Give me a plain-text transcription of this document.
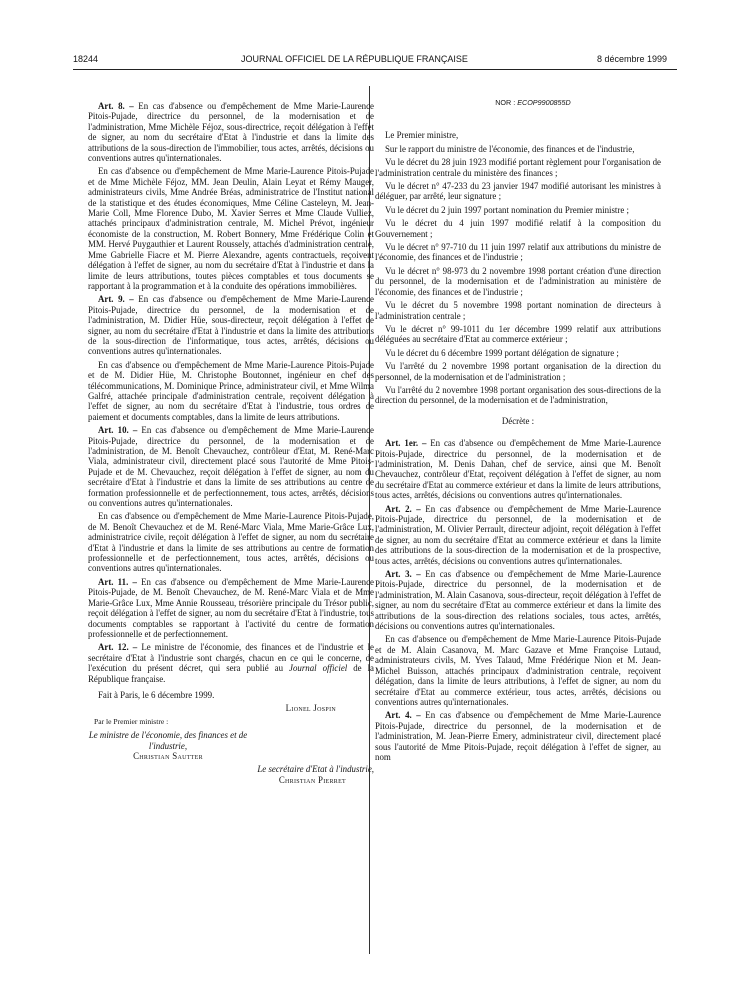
18244	JOURNAL OFFICIEL DE LA RÉPUBLIQUE FRANÇAISE	8 décembre 1999

Art. 8. – En cas d'absence ou d'empêchement de Mme Marie-Laurence Pitois-Pujade, directrice du personnel, de la modernisation et de l'administration, Mme Michèle Féjoz, sous-directrice, reçoit délégation à l'effet de signer, au nom du secrétaire d'Etat à l'industrie et dans la limite des attributions de la sous-direction de l'immobilier, tous actes, arrêtés, décisions ou conventions autres qu'internationales.

En cas d'absence ou d'empêchement de Mme Marie-Laurence Pitois-Pujade et de Mme Michèle Féjoz, MM. Jean Deulin, Alain Leyat et Rémy Mauger, administrateurs civils, Mme Andrée Bréas, administratrice de l'Institut national de la statistique et des études économiques, Mme Céline Casteleyn, M. Jean-Marie Coll, Mme Florence Dubo, M. Xavier Serres et Mme Claude Vulliez, attachés principaux d'administration centrale, M. Michel Prévot, ingénieur économiste de la construction, M. Robert Bonnery, Mme Frédérique Colin et MM. Hervé Puygauthier et Laurent Roussely, attachés d'administration centrale, Mme Gabrielle Fiacre et M. Pierre Alexandre, agents contractuels, reçoivent délégation à l'effet de signer, au nom du secrétaire d'Etat à l'industrie et dans la limite de leurs attributions, toutes pièces comptables et tous documents se rapportant à la programmation et à la conduite des opérations immobilières.

Art. 9. – En cas d'absence ou d'empêchement de Mme Marie-Laurence Pitois-Pujade, directrice du personnel, de la modernisation et de l'administration, M. Didier Hüe, sous-directeur, reçoit délégation à l'effet de signer, au nom du secrétaire d'Etat à l'industrie et dans la limite des attributions de la sous-direction de l'informatique, tous actes, arrêtés, décisions ou conventions autres qu'internationales.

En cas d'absence ou d'empêchement de Mme Marie-Laurence Pitois-Pujade et de M. Didier Hüe, M. Christophe Boutonnet, ingénieur en chef des télécommunications, M. Dominique Prince, administrateur civil, et Mme Wilma Galfré, attachée principale d'administration centrale, reçoivent délégation à l'effet de signer, au nom du secrétaire d'Etat à l'industrie, tous ordres de paiement et documents comptables, dans la limite de leurs attributions.

Art. 10. – En cas d'absence ou d'empêchement de Mme Marie-Laurence Pitois-Pujade, directrice du personnel, de la modernisation et de l'administration, de M. Benoît Chevauchez, contrôleur d'Etat, M. René-Marc Viala, administrateur civil, directement placé sous l'autorité de Mme Pitois-Pujade et de M. Chevauchez, reçoit délégation à l'effet de signer, au nom du secrétaire d'Etat à l'industrie et dans la limite de ses attributions au centre de formation professionnelle et de perfectionnement, tous actes, arrêtés, décisions ou conventions autres qu'internationales.

En cas d'absence ou d'empêchement de Mme Marie-Laurence Pitois-Pujade, de M. Benoît Chevauchez et de M. René-Marc Viala, Mme Marie-Grâce Lux, administratrice civile, reçoit délégation à l'effet de signer, au nom du secrétaire d'Etat à l'industrie et dans la limite de ses attributions au centre de formation professionnelle et de perfectionnement, tous actes, arrêtés, décisions ou conventions autres qu'internationales.

Art. 11. – En cas d'absence ou d'empêchement de Mme Marie-Laurence Pitois-Pujade, de M. Benoît Chevauchez, de M. René-Marc Viala et de Mme Marie-Grâce Lux, Mme Annie Rousseau, trésorière principale du Trésor public, reçoit délégation à l'effet de signer, au nom du secrétaire d'Etat à l'industrie, tous documents comptables se rapportant à l'activité du centre de formation professionnelle et de perfectionnement.

Art. 12. – Le ministre de l'économie, des finances et de l'industrie et le secrétaire d'Etat à l'industrie sont chargés, chacun en ce qui le concerne, de l'exécution du présent décret, qui sera publié au Journal officiel de la République française.

Fait à Paris, le 6 décembre 1999.

Lionel Jospin

Par le Premier ministre :

Le ministre de l'économie, des finances et de l'industrie,

Christian Sautter

Le secrétaire d'Etat à l'industrie,

Christian Pierret

NOR : ECOP9900855D

Le Premier ministre,

Sur le rapport du ministre de l'économie, des finances et de l'industrie,

Vu le décret du 28 juin 1923 modifié portant règlement pour l'organisation de l'administration centrale du ministère des finances ;

Vu le décret n° 47-233 du 23 janvier 1947 modifié autorisant les ministres à déléguer, par arrêté, leur signature ;

Vu le décret du 2 juin 1997 portant nomination du Premier ministre ;

Vu le décret du 4 juin 1997 modifié relatif à la composition du Gouvernement ;

Vu le décret n° 97-710 du 11 juin 1997 relatif aux attributions du ministre de l'économie, des finances et de l'industrie ;

Vu le décret n° 98-973 du 2 novembre 1998 portant création d'une direction du personnel, de la modernisation et de l'administration au ministère de l'économie, des finances et de l'industrie ;

Vu le décret du 5 novembre 1998 portant nomination de directeurs à l'administration centrale ;

Vu le décret n° 99-1011 du 1er décembre 1999 relatif aux attributions déléguées au secrétaire d'Etat au commerce extérieur ;

Vu le décret du 6 décembre 1999 portant délégation de signature ;

Vu l'arrêté du 2 novembre 1998 portant organisation de la direction du personnel, de la modernisation et de l'administration ;

Vu l'arrêté du 2 novembre 1998 portant organisation des sous-directions de la direction du personnel, de la modernisation et de l'administration,

Décrète :

Art. 1er. – En cas d'absence ou d'empêchement de Mme Marie-Laurence Pitois-Pujade, directrice du personnel, de la modernisation et de l'administration, M. Denis Dahan, chef de service, ainsi que M. Benoît Chevauchez, contrôleur d'Etat, reçoivent délégation à l'effet de signer, au nom du secrétaire d'Etat au commerce extérieur et dans la limite de leurs attributions, tous actes, arrêtés, décisions ou conventions autres qu'internationales.

Art. 2. – En cas d'absence ou d'empêchement de Mme Marie-Laurence Pitois-Pujade, directrice du personnel, de la modernisation et de l'administration, M. Olivier Perrault, directeur adjoint, reçoit délégation à l'effet de signer, au nom du secrétaire d'Etat au commerce extérieur et dans la limite des attributions de la sous-direction de la modernisation et de la prospective, tous actes, arrêtés, décisions ou conventions autres qu'internationales.

Art. 3. – En cas d'absence ou d'empêchement de Mme Marie-Laurence Pitois-Pujade, directrice du personnel, de la modernisation et de l'administration, M. Alain Casanova, sous-directeur, reçoit délégation à l'effet de signer, au nom du secrétaire d'Etat au commerce extérieur et dans la limite des attributions de la sous-direction des relations sociales, tous actes, arrêtés, décisions ou conventions autres qu'internationales.

En cas d'absence ou d'empêchement de Mme Marie-Laurence Pitois-Pujade et de M. Alain Casanova, M. Marc Gazave et Mme Françoise Lutaud, administrateurs civils, M. Yves Talaud, Mme Frédérique Nion et M. Jean-Michel Buisson, attachés principaux d'administration centrale, reçoivent délégation, dans la limite de leurs attributions, à l'effet de signer, au nom du secrétaire d'Etat au commerce extérieur, tous actes, arrêtés, décisions ou conventions autres qu'internationales.

Art. 4. – En cas d'absence ou d'empêchement de Mme Marie-Laurence Pitois-Pujade, directrice du personnel, de la modernisation et de l'administration, M. Jean-Pierre Emery, administrateur civil, directement placé sous l'autorité de Mme Pitois-Pujade, reçoit délégation à l'effet de signer, au nom
